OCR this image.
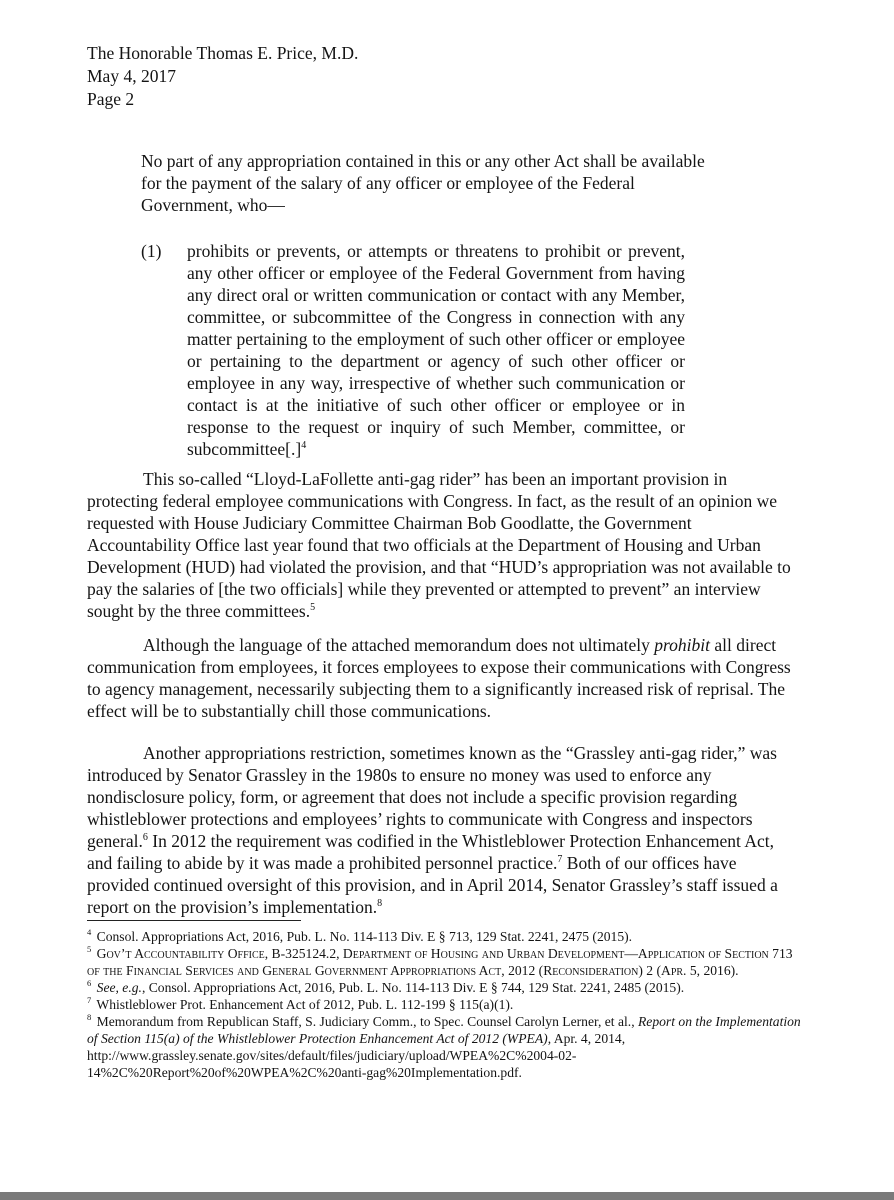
The Honorable Thomas E. Price, M.D.
May 4, 2017
Page 2

No part of any appropriation contained in this or any other Act shall be available for the payment of the salary of any officer or employee of the Federal Government, who—

(1) prohibits or prevents, or attempts or threatens to prohibit or prevent, any other officer or employee of the Federal Government from having any direct oral or written communication or contact with any Member, committee, or subcommittee of the Congress in connection with any matter pertaining to the employment of such other officer or employee or pertaining to the department or agency of such other officer or employee in any way, irrespective of whether such communication or contact is at the initiative of such other officer or employee or in response to the request or inquiry of such Member, committee, or subcommittee[.]$^4$

This so-called “Lloyd-LaFollette anti-gag rider” has been an important provision in protecting federal employee communications with Congress. In fact, as the result of an opinion we requested with House Judiciary Committee Chairman Bob Goodlatte, the Government Accountability Office last year found that two officials at the Department of Housing and Urban Development (HUD) had violated the provision, and that “HUD’s appropriation was not available to pay the salaries of [the two officials] while they prevented or attempted to prevent” an interview sought by the three committees.$^5$

Although the language of the attached memorandum does not ultimately prohibit all direct communication from employees, it forces employees to expose their communications with Congress to agency management, necessarily subjecting them to a significantly increased risk of reprisal. The effect will be to substantially chill those communications.

Another appropriations restriction, sometimes known as the “Grassley anti-gag rider,” was introduced by Senator Grassley in the 1980s to ensure no money was used to enforce any nondisclosure policy, form, or agreement that does not include a specific provision regarding whistleblower protections and employees’ rights to communicate with Congress and inspectors general.$^6$ In 2012 the requirement was codified in the Whistleblower Protection Enhancement Act, and failing to abide by it was made a prohibited personnel practice.$^7$ Both of our offices have provided continued oversight of this provision, and in April 2014, Senator Grassley’s staff issued a report on the provision’s implementation.$^8$

$^4$ Consol. Appropriations Act, 2016, Pub. L. No. 114-113 Div. E § 713, 129 Stat. 2241, 2475 (2015).

$^5$ Gov’t Accountability Office, B-325124.2, Department of Housing and Urban Development—Application of Section 713 of the Financial Services and General Government Appropriations Act, 2012 (Reconsideration) 2 (Apr. 5, 2016).

$^6$ See, e.g., Consol. Appropriations Act, 2016, Pub. L. No. 114-113 Div. E § 744, 129 Stat. 2241, 2485 (2015).

$^7$ Whistleblower Prot. Enhancement Act of 2012, Pub. L. 112-199 § 115(a)(1).

$^8$ Memorandum from Republican Staff, S. Judiciary Comm., to Spec. Counsel Carolyn Lerner, et al., Report on the Implementation of Section 115(a) of the Whistleblower Protection Enhancement Act of 2012 (WPEA), Apr. 4, 2014, http://www.grassley.senate.gov/sites/default/files/judiciary/upload/WPEA%2C%2004-02-14%2C%20Report%20of%20WPEA%2C%20anti-gag%20Implementation.pdf.
